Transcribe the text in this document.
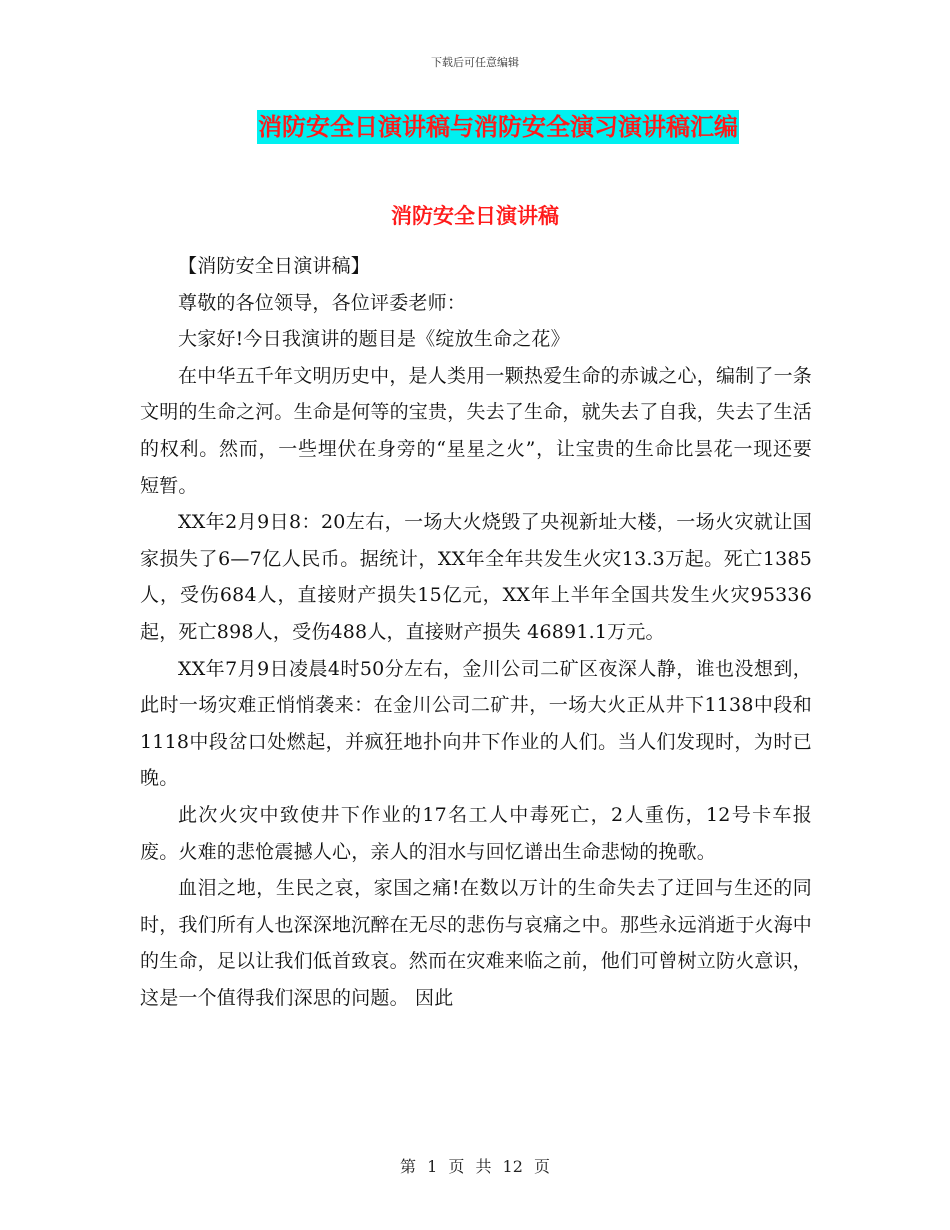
下载后可任意编辑
消防安全日演讲稿与消防安全演习演讲稿汇编
消防安全日演讲稿

【消防安全日演讲稿】

尊敬的各位领导，各位评委老师：

大家好!今日我演讲的题目是《绽放生命之花》

在中华五千年文明历史中，是人类用一颗热爱生命的赤诚之心，编制了一条文明的生命之河。生命是何等的宝贵，失去了生命，就失去了自我，失去了生活的权利。然而，一些埋伏在身旁的“星星之火”，让宝贵的生命比昙花一现还要短暂。

XX年2月9日8：20左右，一场大火烧毁了央视新址大楼，一场火灾就让国家损失了6—7亿人民币。据统计，XX年全年共发生火灾13.3万起。死亡1385人，受伤684人，直接财产损失15亿元，XX年上半年全国共发生火灾95336起，死亡898人，受伤488人，直接财产损失 46891.1万元。

XX年7月9日凌晨4时50分左右，金川公司二矿区夜深人静，谁也没想到，此时一场灾难正悄悄袭来：在金川公司二矿井，一场大火正从井下1138中段和1118中段岔口处燃起，并疯狂地扑向井下作业的人们。当人们发现时，为时已晚。

此次火灾中致使井下作业的17名工人中毒死亡，2人重伤，12号卡车报废。火难的悲怆震撼人心，亲人的泪水与回忆谱出生命悲恸的挽歌。

血泪之地，生民之哀，家国之痛!在数以万计的生命失去了迂回与生还的同时，我们所有人也深深地沉醉在无尽的悲伤与哀痛之中。那些永远消逝于火海中的生命，足以让我们低首致哀。然而在灾难来临之前，他们可曾树立防火意识，这是一个值得我们深思的问题。 因此

第 1 页 共 12 页
